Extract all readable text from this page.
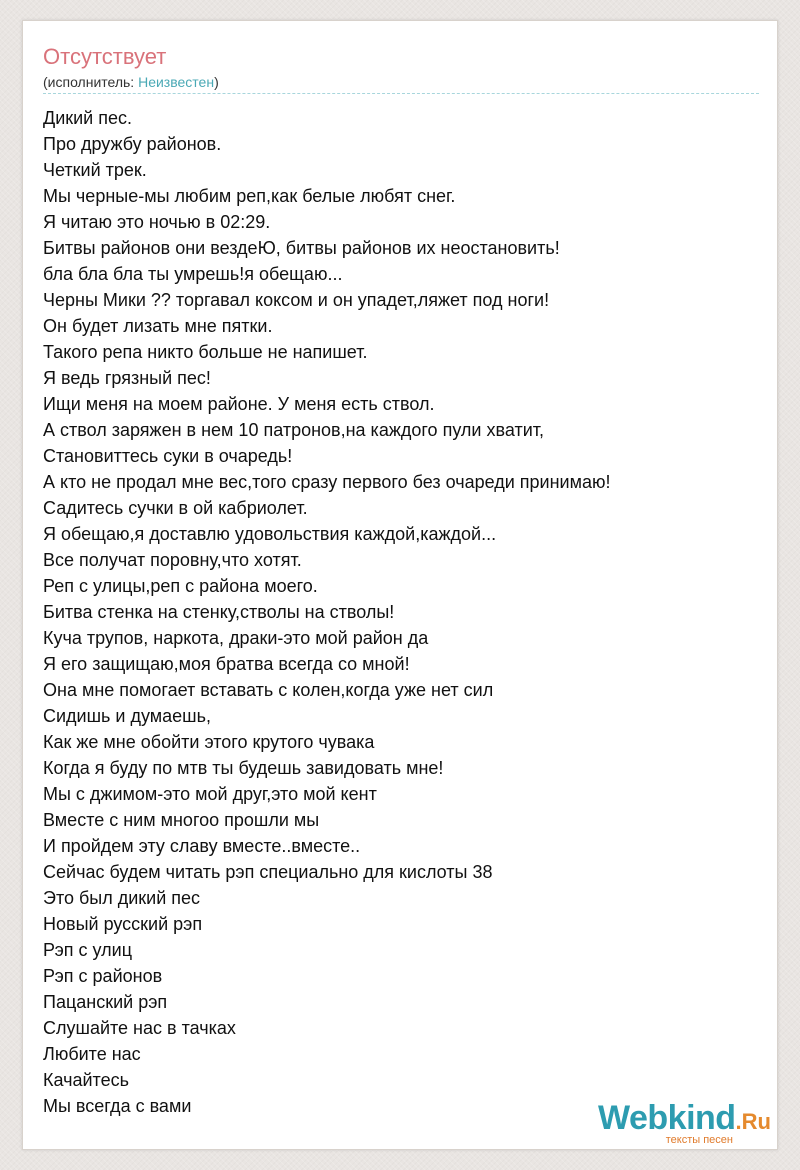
Отсутствует
(исполнитель: Неизвестен)
Дикий пес.
Про дружбу районов.
Четкий трек.
Мы черные-мы любим реп,как белые любят снег.
Я читаю это ночью в 02:29.
Битвы районов они вездеЮ, битвы районов их неостановить!
бла бла бла ты умрешь!я обещаю...
Черны Мики ?? торгавал коксом и он упадет,ляжет под ноги!
Он будет лизать мне пятки.
Такого репа никто больше не напишет.
Я ведь грязный пес!
Ищи меня на моем районе. У меня есть ствол.
А ствол заряжен в нем 10 патронов,на каждого пули хватит,
Становиттесь суки в очаредь!
А кто не продал мне вес,того сразу первого без очареди принимаю!
Садитесь сучки в ой кабриолет.
Я обещаю,я доставлю удовольствия каждой,каждой...
Все получат поровну,что хотят.
Реп с улицы,реп с района моего.
Битва стенка на стенку,стволы на стволы!
Куча трупов, наркота, драки-это мой район да
Я его защищаю,моя братва всегда со мной!
Она мне помогает вставать с колен,когда уже нет сил
Сидишь и думаешь,
Как же мне обойти этого крутого чувака
Когда я буду по мтв ты будешь завидовать мне!
Мы с джимом-это мой друг,это мой кент
Вместе с ним многоо прошли мы
И пройдем эту славу вместе..вместе..
Сейчас будем читать рэп специально для кислоты 38
Это был дикий пес
Новый русский рэп
Рэп с улиц
Рэп с районов
Пацанский рэп
Слушайте нас в тачках
Любите нас
Качайтесь
Мы всегда с вами	Webkind.Ru
тексты песен
